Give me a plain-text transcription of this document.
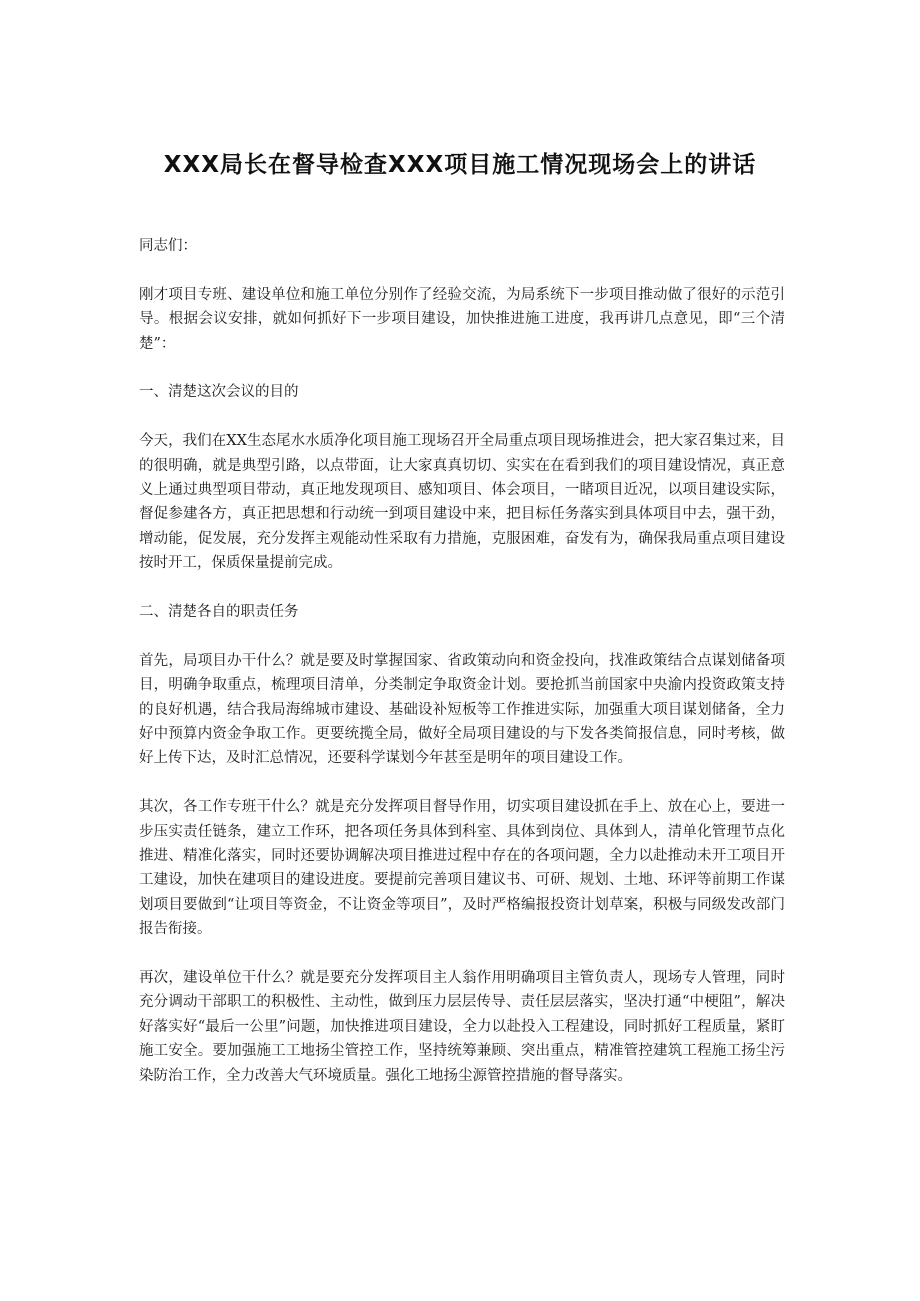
XXX局长在督导检查XXX项目施工情况现场会上的讲话

同志们：

刚才项目专班、建设单位和施工单位分别作了经验交流，为局系统下一步项目推动做了很好的示范引导。根据会议安排，就如何抓好下一步项目建设，加快推进施工进度，我再讲几点意见，即“三个清楚”：

一、清楚这次会议的目的

今天，我们在XX生态尾水水质净化项目施工现场召开全局重点项目现场推进会，把大家召集过来，目的很明确，就是典型引路，以点带面，让大家真真切切、实实在在看到我们的项目建设情况，真正意义上通过典型项目带动，真正地发现项目、感知项目、体会项目，一睹项目近况，以项目建设实际，督促参建各方，真正把思想和行动统一到项目建设中来，把目标任务落实到具体项目中去，强干劲，增动能，促发展，充分发挥主观能动性采取有力措施，克服困难，奋发有为，确保我局重点项目建设按时开工，保质保量提前完成。

二、清楚各自的职责任务

首先，局项目办干什么？就是要及时掌握国家、省政策动向和资金投向，找准政策结合点谋划储备项目，明确争取重点，梳理项目清单，分类制定争取资金计划。要抢抓当前国家中央渝内投资政策支持的良好机遇，结合我局海绵城市建设、基础设补短板等工作推进实际，加强重大项目谋划储备，全力好中预算内资金争取工作。更要统揽全局，做好全局项目建设的与下发各类简报信息，同时考核，做好上传下达，及时汇总情况，还要科学谋划今年甚至是明年的项目建设工作。

其次，各工作专班干什么？就是充分发挥项目督导作用，切实项目建设抓在手上、放在心上，要进一步压实责任链条，建立工作环，把各项任务具体到科室、具体到岗位、具体到人，清单化管理节点化推进、精准化落实，同时还要协调解决项目推进过程中存在的各项问题，全力以赴推动未开工项目开工建设，加快在建项目的建设进度。要提前完善项目建议书、可研、规划、土地、环评等前期工作谋划项目要做到“让项目等资金，不让资金等项目”，及时严格编报投资计划草案，积极与同级发改部门报告衔接。

再次，建设单位干什么？就是要充分发挥项目主人翁作用明确项目主管负责人，现场专人管理，同时充分调动干部职工的积极性、主动性，做到压力层层传导、责任层层落实，坚决打通“中梗阻”，解决好落实好“最后一公里”问题，加快推进项目建设，全力以赴投入工程建设，同时抓好工程质量，紧盯施工安全。要加强施工工地扬尘管控工作，坚持统筹兼顾、突出重点，精准管控建筑工程施工扬尘污染防治工作，全力改善大气环境质量。强化工地扬尘源管控措施的督导落实。
